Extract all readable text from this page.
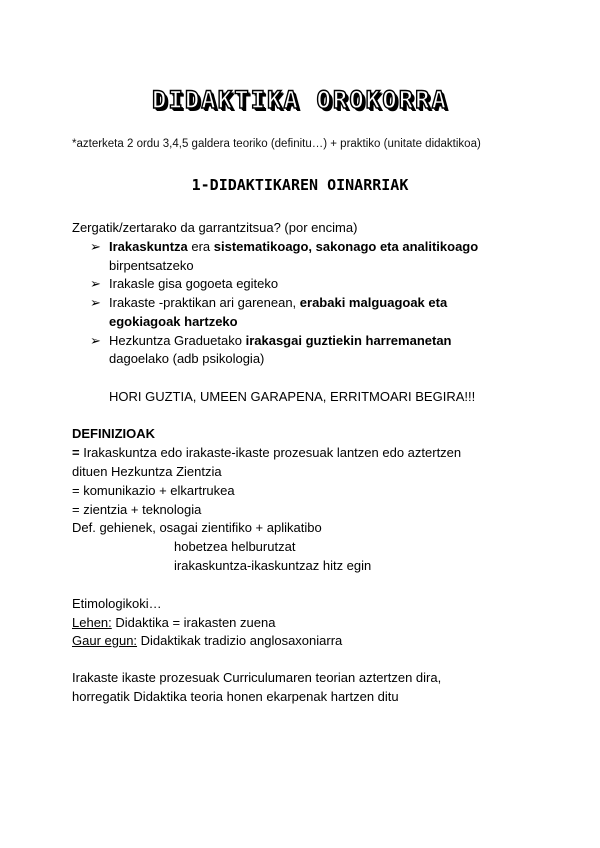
DIDAKTIKA OROKORRA
*azterketa 2 ordu 3,4,5 galdera teoriko (definitu…) + praktiko (unitate didaktikoa)
1-DIDAKTIKAREN OINARRIAK
Zergatik/zertarako da garrantzitsua? (por encima)
➢ Irakaskuntza era sistematikoago, sakonago eta analitikoago
birpentsatzeko
➢ Irakasle gisa gogoeta egiteko
➢ Irakaste -praktikan ari garenean, erabaki malguagoak eta
egokiagoak hartzeko
➢ Hezkuntza Graduetako irakasgai guztiekin harremanetan
dagoelako (adb psikologia)
HORI GUZTIA, UMEEN GARAPENA, ERRITMOARI BEGIRA!!!
DEFINIZIOAK
= Irakaskuntza edo irakaste-ikaste prozesuak lantzen edo aztertzen
dituen Hezkuntza Zientzia
= komunikazio + elkartrukea
= zientzia + teknologia
Def. gehienek, osagai zientifiko + aplikatibo
hobetzea helburutzat
irakaskuntza-ikaskuntzaz hitz egin
Etimologikoki…
Lehen: Didaktika = irakasten zuena
Gaur egun: Didaktikak tradizio anglosaxoniarra
Irakaste ikaste prozesuak Curriculumaren teorian aztertzen dira,
horregatik Didaktika teoria honen ekarpenak hartzen ditu
